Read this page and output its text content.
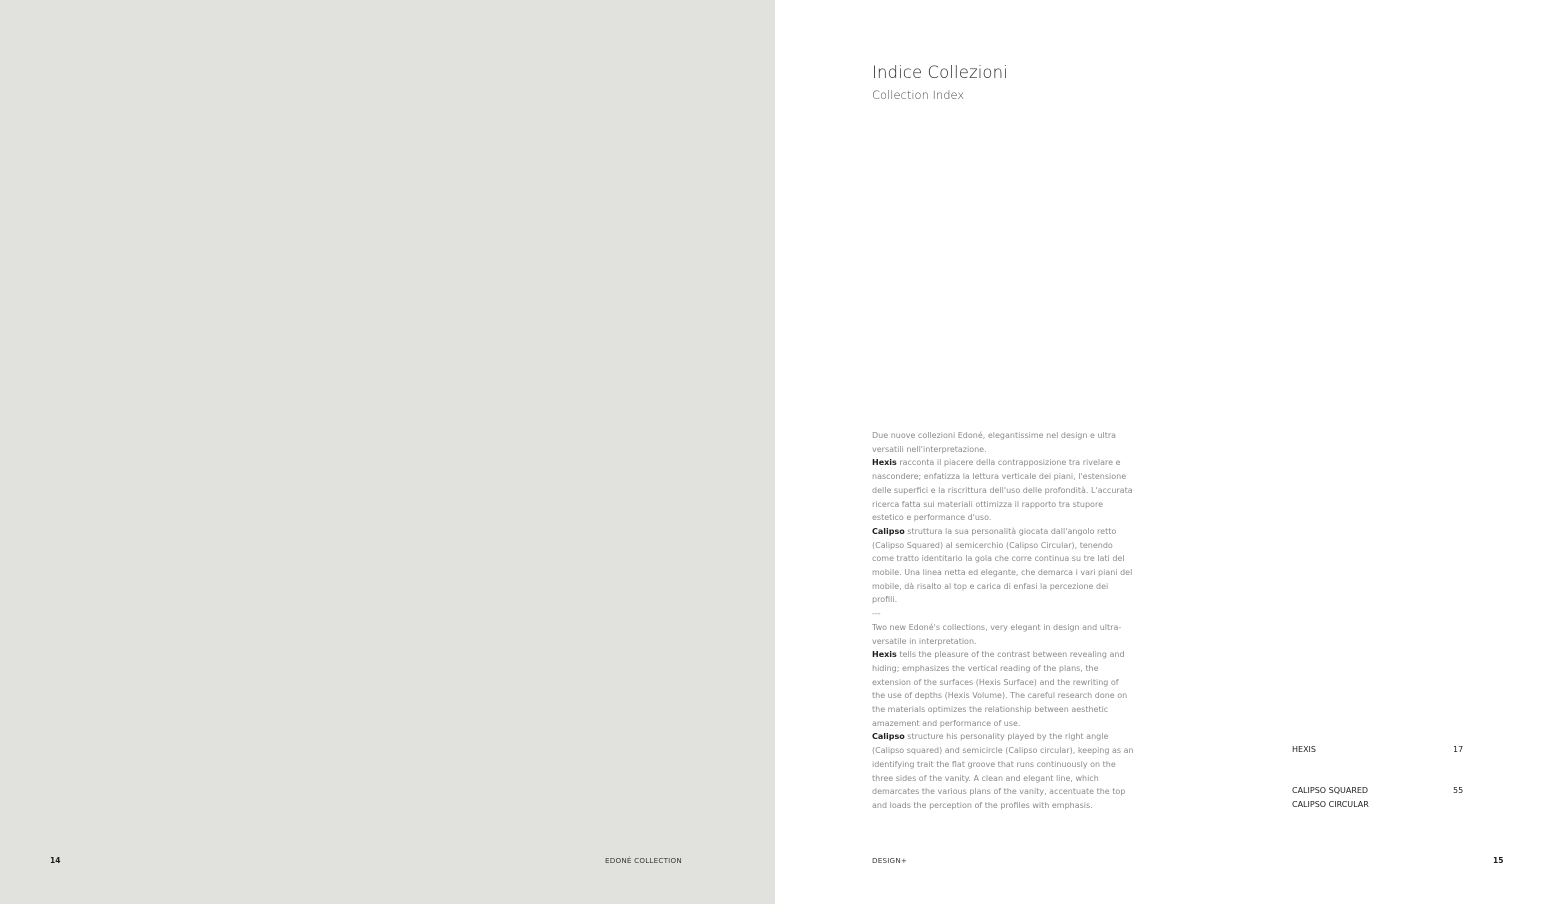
14	EDONÉ COLLECTION
Indice Collezioni
Collection Index

Due nuove collezioni Edoné, elegantissime nel design e ultra versatili nell'interpretazione.

Hexis racconta il piacere della contrapposizione tra rivelare e nascondere; enfatizza la lettura verticale dei piani, l'estensione delle superfici e la riscrittura dell'uso delle profondità. L'accurata ricerca fatta sui materiali ottimizza il rapporto tra stupore estetico e performance d'uso.

Calipso struttura la sua personalità giocata dall'angolo retto (Calipso Squared) al semicerchio (Calipso Circular), tenendo come tratto identitario la gola che corre continua su tre lati del mobile. Una linea netta ed elegante, che demarca i vari piani del mobile, dà risalto al top e carica di enfasi la percezione dei profili.

---

Two new Edoné's collections, very elegant in design and ultra-versatile in interpretation.

Hexis tells the pleasure of the contrast between revealing and hiding; emphasizes the vertical reading of the plans, the extension of the surfaces (Hexis Surface) and the rewriting of the use of depths (Hexis Volume). The careful research done on the materials optimizes the relationship between aesthetic amazement and performance of use.

Calipso structure his personality played by the right angle (Calipso squared) and semicircle (Calipso circular), keeping as an identifying trait the flat groove that runs continuously on the three sides of the vanity. A clean and elegant line, which demarcates the various plans of the vanity, accentuate the top and loads the perception of the profiles with emphasis.

HEXIS	17
CALIPSO SQUARED	55
CALIPSO CIRCULAR
DESIGN+	15
